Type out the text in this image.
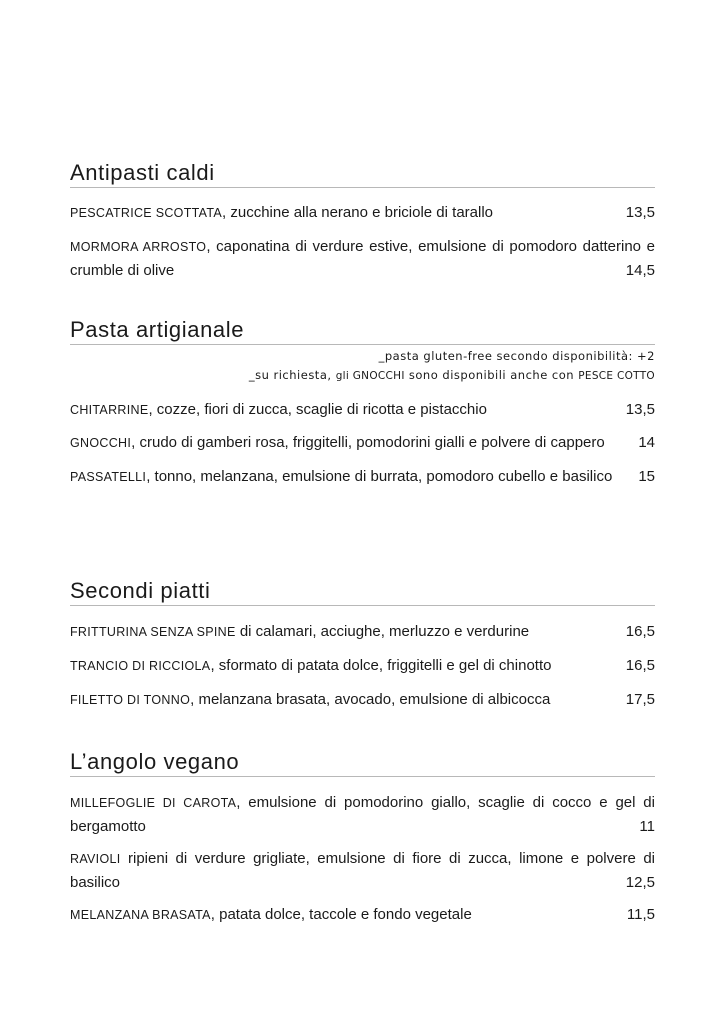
Antipasti caldi
PESCATRICE SCOTTATA, zucchine alla nerano e briciole di tarallo	13,5
MORMORA ARROSTO, caponatina di verdure estive, emulsione di pomodoro datterino e crumble di olive	14,5
Pasta artigianale
_pasta gluten-free secondo disponibilità: +2
_su richiesta, gli GNOCCHI sono disponibili anche con PESCE COTTO
CHITARRINE, cozze, fiori di zucca, scaglie di ricotta e pistacchio	13,5
GNOCCHI, crudo di gamberi rosa, friggitelli, pomodorini gialli e polvere di cappero 14
PASSATELLI, tonno, melanzana, emulsione di burrata, pomodoro cubello e basilico 15
Secondi piatti
FRITTURINA SENZA SPINE di calamari, acciughe, merluzzo e verdurine	16,5
TRANCIO DI RICCIOLA, sformato di patata dolce, friggitelli e gel di chinotto	16,5
FILETTO DI TONNO, melanzana brasata, avocado, emulsione di albicocca	17,5
L’angolo vegano
MILLEFOGLIE DI CAROTA, emulsione di pomodorino giallo, scaglie di cocco e gel di bergamotto	11
RAVIOLI ripieni di verdure grigliate, emulsione di fiore di zucca, limone e polvere di basilico	12,5
MELANZANA BRASATA, patata dolce, taccole e fondo vegetale	11,5
